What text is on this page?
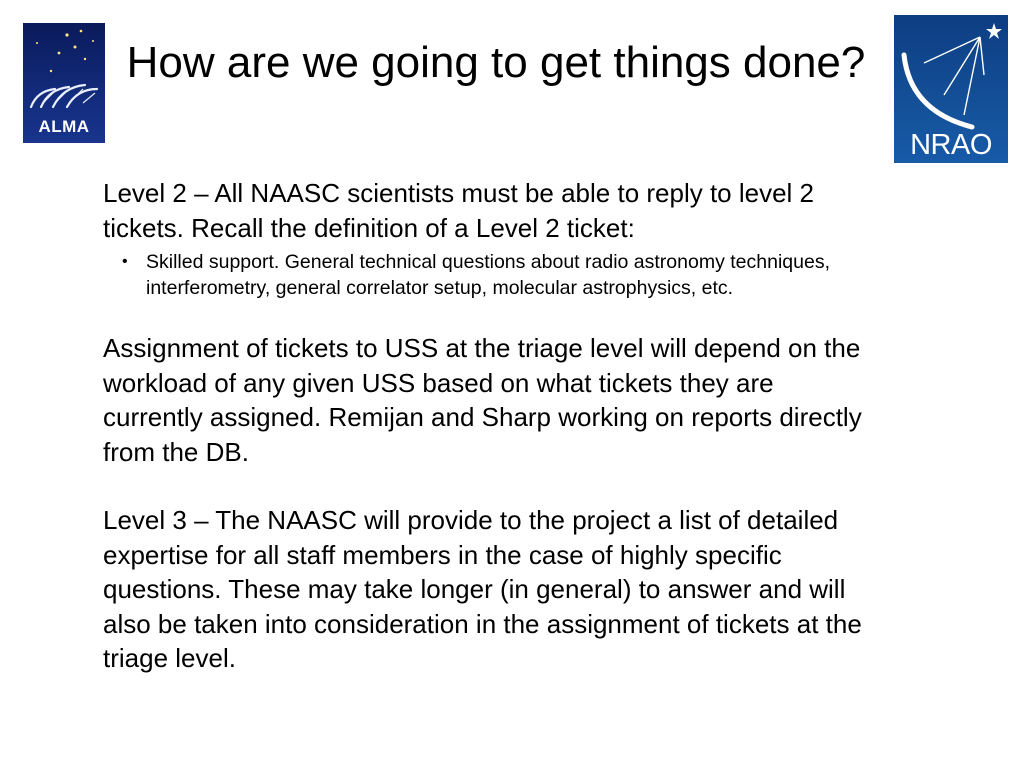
ALMA
NRAO
How are we going to get things done?

Level 2 – All NAASC scientists must be able to reply to level 2 tickets. Recall the definition of a Level 2 ticket:

• Skilled support. General technical questions about radio astronomy techniques, interferometry, general correlator setup, molecular astrophysics, etc.

Assignment of tickets to USS at the triage level will depend on the workload of any given USS based on what tickets they are currently assigned. Remijan and Sharp working on reports directly from the DB.

Level 3 – The NAASC will provide to the project a list of detailed expertise for all staff members in the case of highly specific questions. These may take longer (in general) to answer and will also be taken into consideration in the assignment of tickets at the triage level.
